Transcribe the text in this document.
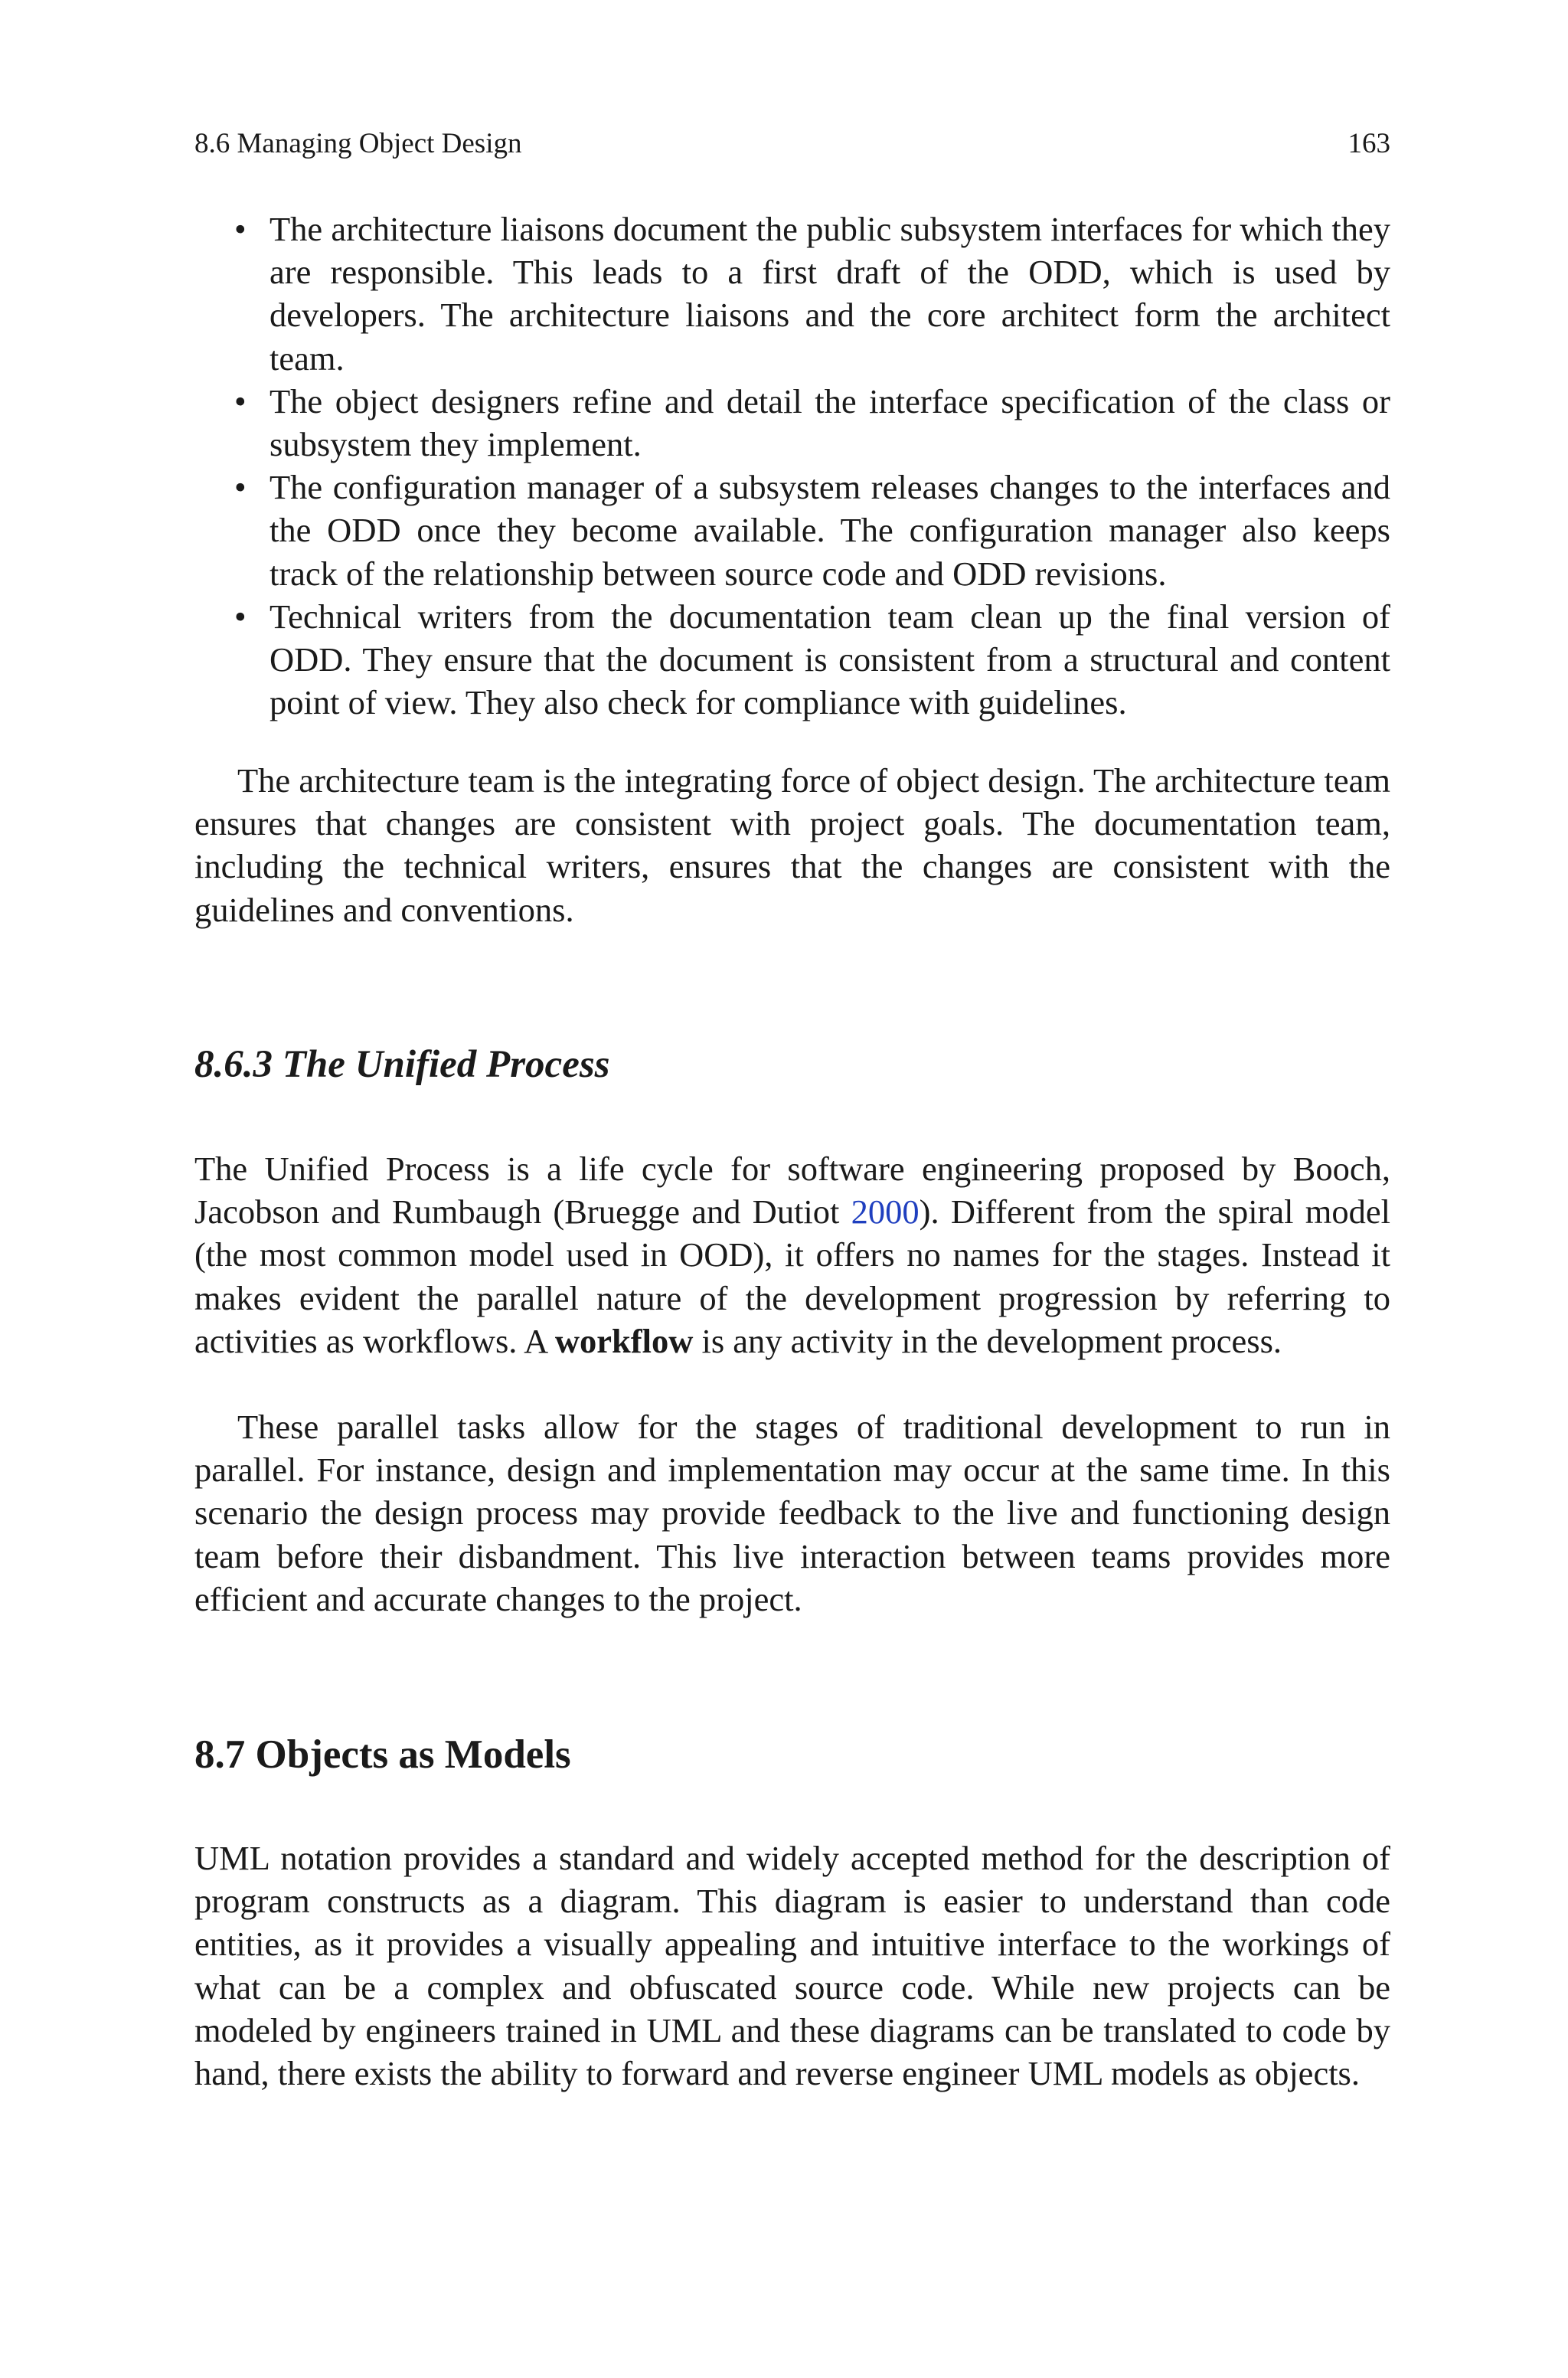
8.6 Managing Object Design	163
• The architecture liaisons document the public subsystem interfaces for which they are responsible. This leads to a first draft of the ODD, which is used by developers. The architecture liaisons and the core architect form the architect team.
• The object designers refine and detail the interface specification of the class or subsystem they implement.
• The configuration manager of a subsystem releases changes to the interfaces and the ODD once they become available. The configuration manager also keeps track of the relationship between source code and ODD revisions.
• Technical writers from the documentation team clean up the final version of ODD. They ensure that the document is consistent from a structural and content point of view. They also check for compliance with guidelines.

The architecture team is the integrating force of object design. The architecture team ensures that changes are consistent with project goals. The documentation team, including the technical writers, ensures that the changes are consistent with the guidelines and conventions.

8.6.3 The Unified Process

The Unified Process is a life cycle for software engineering proposed by Booch, Jacobson and Rumbaugh (Bruegge and Dutiot 2000). Different from the spiral model (the most common model used in OOD), it offers no names for the stages. Instead it makes evident the parallel nature of the development progression by referring to activities as workflows. A workflow is any activity in the development process.

These parallel tasks allow for the stages of traditional development to run in parallel. For instance, design and implementation may occur at the same time. In this scenario the design process may provide feedback to the live and functioning design team before their disbandment. This live interaction between teams provides more efficient and accurate changes to the project.

8.7 Objects as Models

UML notation provides a standard and widely accepted method for the description of program constructs as a diagram. This diagram is easier to understand than code entities, as it provides a visually appealing and intuitive interface to the workings of what can be a complex and obfuscated source code. While new projects can be modeled by engineers trained in UML and these diagrams can be translated to code by hand, there exists the ability to forward and reverse engineer UML models as objects.
